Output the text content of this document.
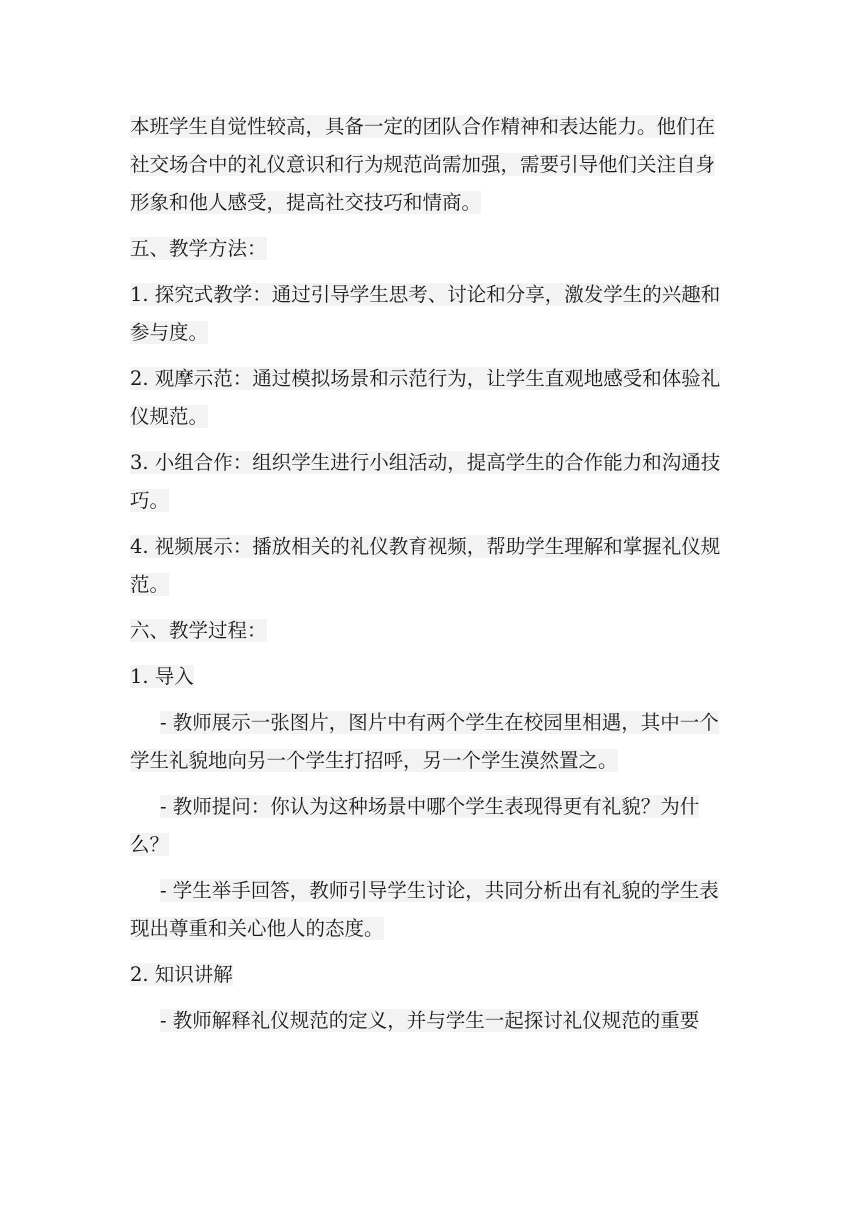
本班学生自觉性较高，具备一定的团队合作精神和表达能力。他们在社交场合中的礼仪意识和行为规范尚需加强，需要引导他们关注自身形象和他人感受，提高社交技巧和情商。

五、教学方法：

1. 探究式教学：通过引导学生思考、讨论和分享，激发学生的兴趣和参与度。

2. 观摩示范：通过模拟场景和示范行为，让学生直观地感受和体验礼仪规范。

3. 小组合作：组织学生进行小组活动，提高学生的合作能力和沟通技巧。

4. 视频展示：播放相关的礼仪教育视频，帮助学生理解和掌握礼仪规范。

六、教学过程：

1. 导入

- 教师展示一张图片，图片中有两个学生在校园里相遇，其中一个学生礼貌地向另一个学生打招呼，另一个学生漠然置之。

- 教师提问：你认为这种场景中哪个学生表现得更有礼貌？为什么？

- 学生举手回答，教师引导学生讨论，共同分析出有礼貌的学生表现出尊重和关心他人的态度。

2. 知识讲解

- 教师解释礼仪规范的定义，并与学生一起探讨礼仪规范的重要
